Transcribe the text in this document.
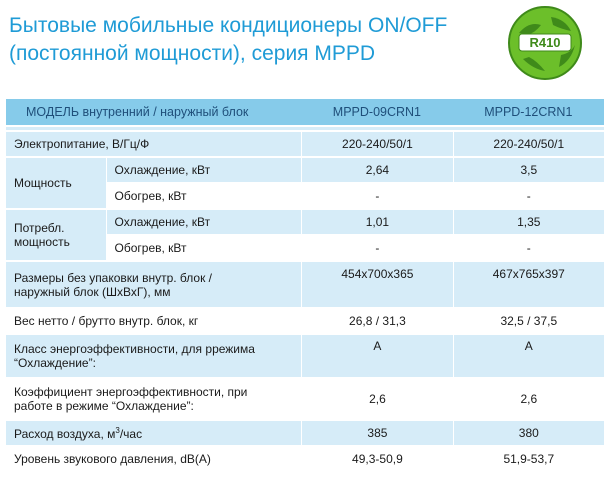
Бытовые мобильные кондиционеры ON/OFF
(постоянной мощности), серия MPPD	R410
МОДЕЛЬ внутренний / наружный блок		MPPD-09CRN1	MPPD-12CRN1

Электропитание, В/Гц/Ф		220-240/50/1	220-240/50/1
Мощность	Охлаждение, кВт	2,64	3,5
	Обогрев, кВт	-	-

Потребл.
мощность	Охлаждение, кВт	1,01	1,35
	Обогрев, кВт	-	-

Размеры без упаковки внутр. блок /
наружный блок (ШхВхГ), мм		454x700x365	467x765x397
Вес нетто / брутто внутр. блок, кг		26,8 / 31,3	32,5 / 37,5

Класс энергоэффективности, для ррежима
“Охлаждение”:		A	A

Коэффициент энергоэффективности, при
работе в режиме “Охлаждение”:		2,6	2,6
Расход воздуха, $м^3$/час		385	380
Уровень звукового давления, dB(A)		49,3-50,9	51,9-53,7
